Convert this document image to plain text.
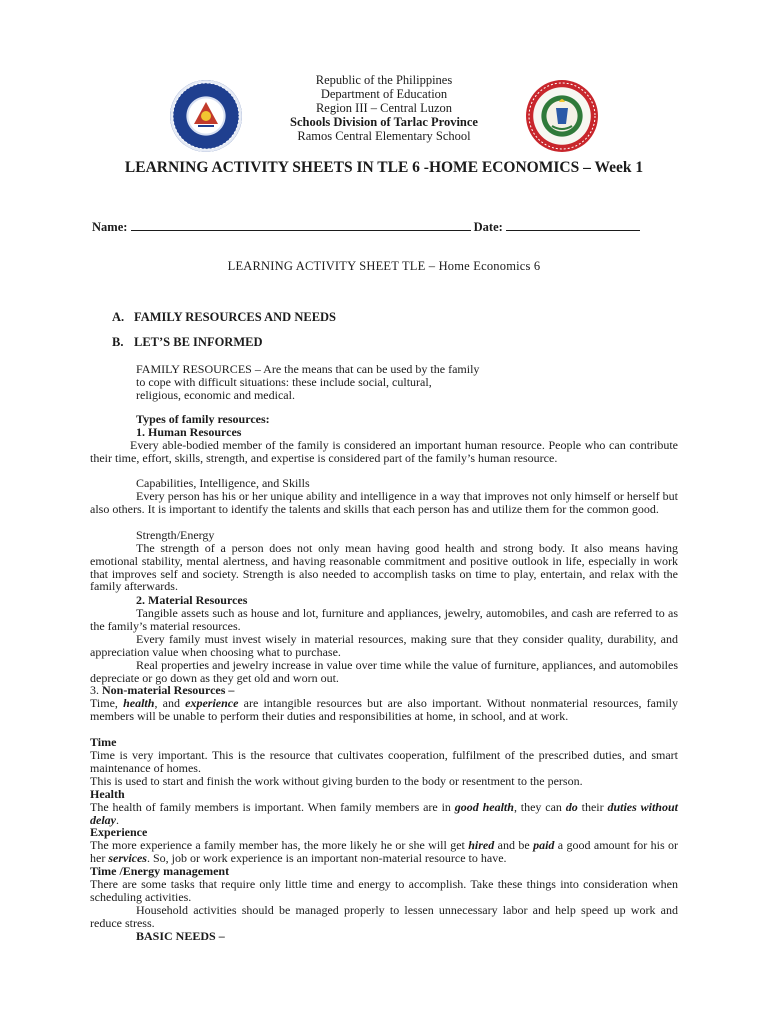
Republic of the Philippines
Department of Education
Region III – Central Luzon
Schools Division of Tarlac Province
Ramos Central Elementary School
LEARNING ACTIVITY SHEETS IN TLE 6 -HOME ECONOMICS – Week 1
Name:	Date:
LEARNING ACTIVITY SHEET TLE – Home Economics 6
A. FAMILY RESOURCES AND NEEDS
B. LET’S BE INFORMED
FAMILY RESOURCES – Are the means that can be used by the family
to cope with difficult situations: these include social, cultural,
religious, economic and medical.
Types of family resources:
1. Human Resources
Every able-bodied member of the family is considered an important human resource. People who can contribute their time, effort, skills, strength, and expertise is considered part of the family’s human resource.
Capabilities, Intelligence, and Skills
Every person has his or her unique ability and intelligence in a way that improves not only himself or herself but also others. It is important to identify the talents and skills that each person has and utilize them for the common good.
Strength/Energy
The strength of a person does not only mean having good health and strong body. It also means having emotional stability, mental alertness, and having reasonable commitment and positive outlook in life, especially in work that improves self and society. Strength is also needed to accomplish tasks on time to play, entertain, and relax with the family afterwards.
2. Material Resources
Tangible assets such as house and lot, furniture and appliances, jewelry, automobiles, and cash are referred to as the family’s material resources.
Every family must invest wisely in material resources, making sure that they consider quality, durability, and appreciation value when choosing what to purchase.
Real properties and jewelry increase in value over time while the value of furniture, appliances, and automobiles depreciate or go down as they get old and worn out.
3. Non-material Resources –
Time, health, and experience are intangible resources but are also important. Without nonmaterial resources, family members will be unable to perform their duties and responsibilities at home, in school, and at work.
Time
Time is very important. This is the resource that cultivates cooperation, fulfilment of the prescribed duties, and smart maintenance of homes.
This is used to start and finish the work without giving burden to the body or resentment to the person.
Health
The health of family members is important. When family members are in good health, they can do their duties without delay.
Experience
The more experience a family member has, the more likely he or she will get hired and be paid a good amount for his or her services. So, job or work experience is an important non-material resource to have.
Time /Energy management
There are some tasks that require only little time and energy to accomplish. Take these things into consideration when scheduling activities.
Household activities should be managed properly to lessen unnecessary labor and help speed up work and reduce stress.
BASIC NEEDS –
